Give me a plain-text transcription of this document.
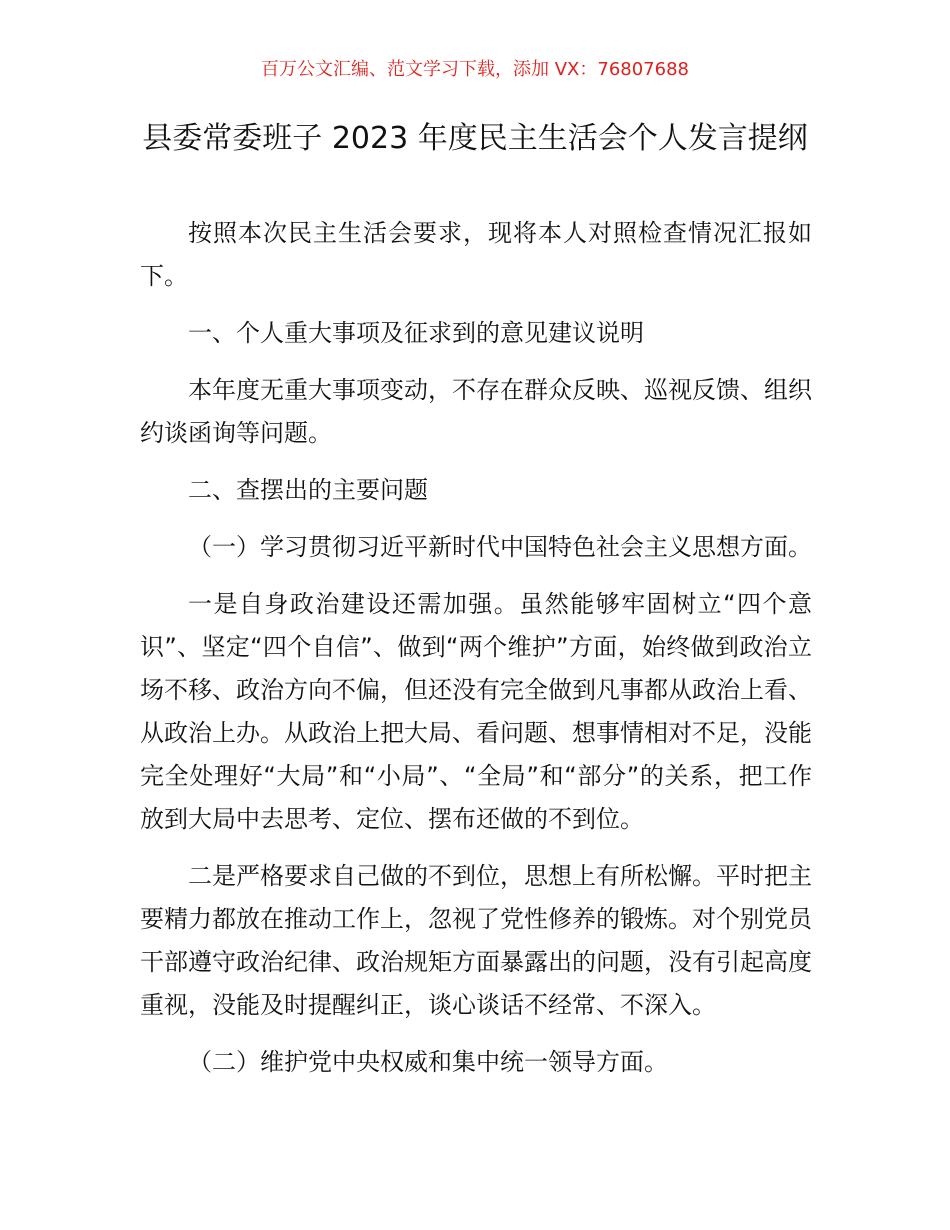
百万公文汇编、范文学习下载，添加 VX：76807688
县委常委班子 2023 年度民主生活会个人发言提纲

按照本次民主生活会要求，现将本人对照检查情况汇报如下。

一、个人重大事项及征求到的意见建议说明

本年度无重大事项变动，不存在群众反映、巡视反馈、组织约谈函询等问题。

二、查摆出的主要问题

（一）学习贯彻习近平新时代中国特色社会主义思想方面。

一是自身政治建设还需加强。虽然能够牢固树立“四个意识”、坚定“四个自信”、做到“两个维护”方面，始终做到政治立场不移、政治方向不偏，但还没有完全做到凡事都从政治上看、从政治上办。从政治上把大局、看问题、想事情相对不足，没能完全处理好“大局”和“小局”、“全局”和“部分”的关系，把工作放到大局中去思考、定位、摆布还做的不到位。

二是严格要求自己做的不到位，思想上有所松懈。平时把主要精力都放在推动工作上，忽视了党性修养的锻炼。对个别党员干部遵守政治纪律、政治规矩方面暴露出的问题，没有引起高度重视，没能及时提醒纠正，谈心谈话不经常、不深入。

（二）维护党中央权威和集中统一领导方面。
